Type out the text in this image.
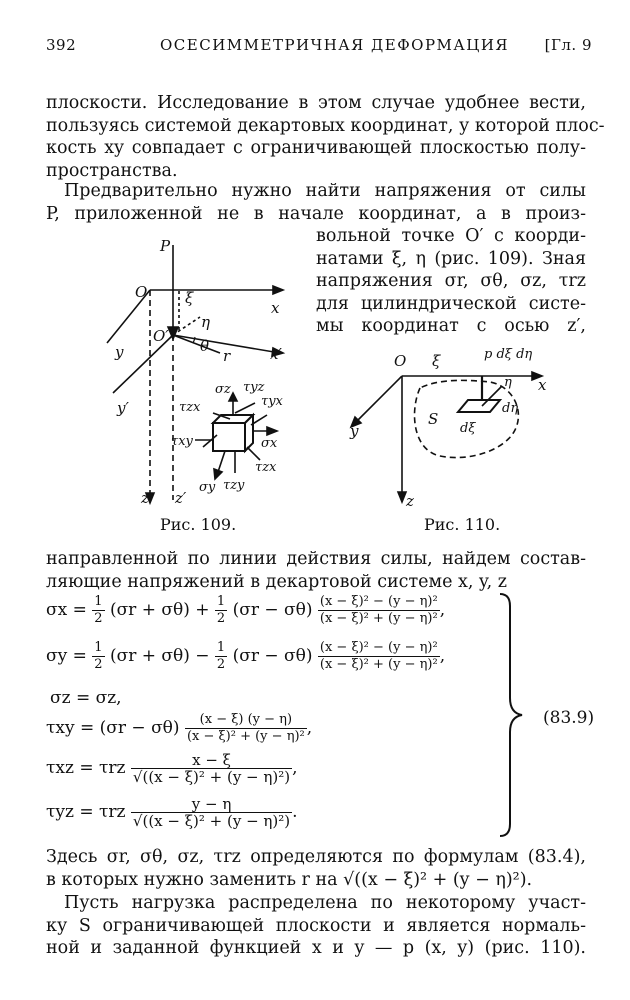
392	ОСЕСИММЕТРИЧНАЯ ДЕФОРМАЦИЯ [Гл. 9
плоскости. Исследование в этом случае удобнее вести,
пользуясь системой декартовых координат, у которой плос-
кость xy совпадает с ограничивающей плоскостью полу-
пространства.
Предварительно нужно найти напряжения от силы
P, приложенной не в начале координат, а в произ-
вольной точке O′ с коорди-
натами ξ, η (рис. 109). Зная
напряжения σr, σθ, σz, τrz
для цилиндрической систе-
мы координат с осью z′,
P
O
O′
ξ
η
x
x′
y
y′
z z′
θ
r
σz τyz
τzx	τyx
τxy	σx
τzx
σy τzy
Рис. 109.
O ξ	p dξ dη
x
y
z
S
η
dη
dξ
Рис. 110.
направленной по линии действия силы, найдем состав-
ляющие напряжений в декартовой системе x, y, z
$\sigma x = \frac{1}{2} (\sigma r + \sigma\theta) + \frac{1}{2} (\sigma r - \sigma\theta) \frac{\text{(x − ξ)² − (y − η)²}}{\text{(x − ξ)² + (y − η)²}}$ ,
$\sigma y = \frac{1}{2} (\sigma r + \sigma\theta) - \frac{1}{2} (\sigma r - \sigma\theta) \frac{\text{(x − ξ)² − (y − η)²}}{\text{(x − ξ)² + (y − η)²}}$ ,
σz = σz,
$\tau xy = (\sigma r - \sigma\theta) \frac{(x - \xi) (y - \eta)}{\text{(x − ξ)² + (y − η)²}}$ ,
τxz = τrz $\frac{x - \xi}{\text{√((x − ξ)² + (y − η)²)}}$ ,
τyz = τrz $\frac{y - \eta}{\text{√((x − ξ)² + (y − η)²)}}$ .
(83.9)
Здесь σr, σθ, σz, τrz определяются по формулам (83.4),
в которых нужно заменить r на √((x − ξ)² + (y − η)²).
Пусть нагрузка распределена по некоторому участ-
ку S ограничивающей плоскости и является нормаль-
ной и заданной функцией x и y — p (x, y) (рис. 110).
